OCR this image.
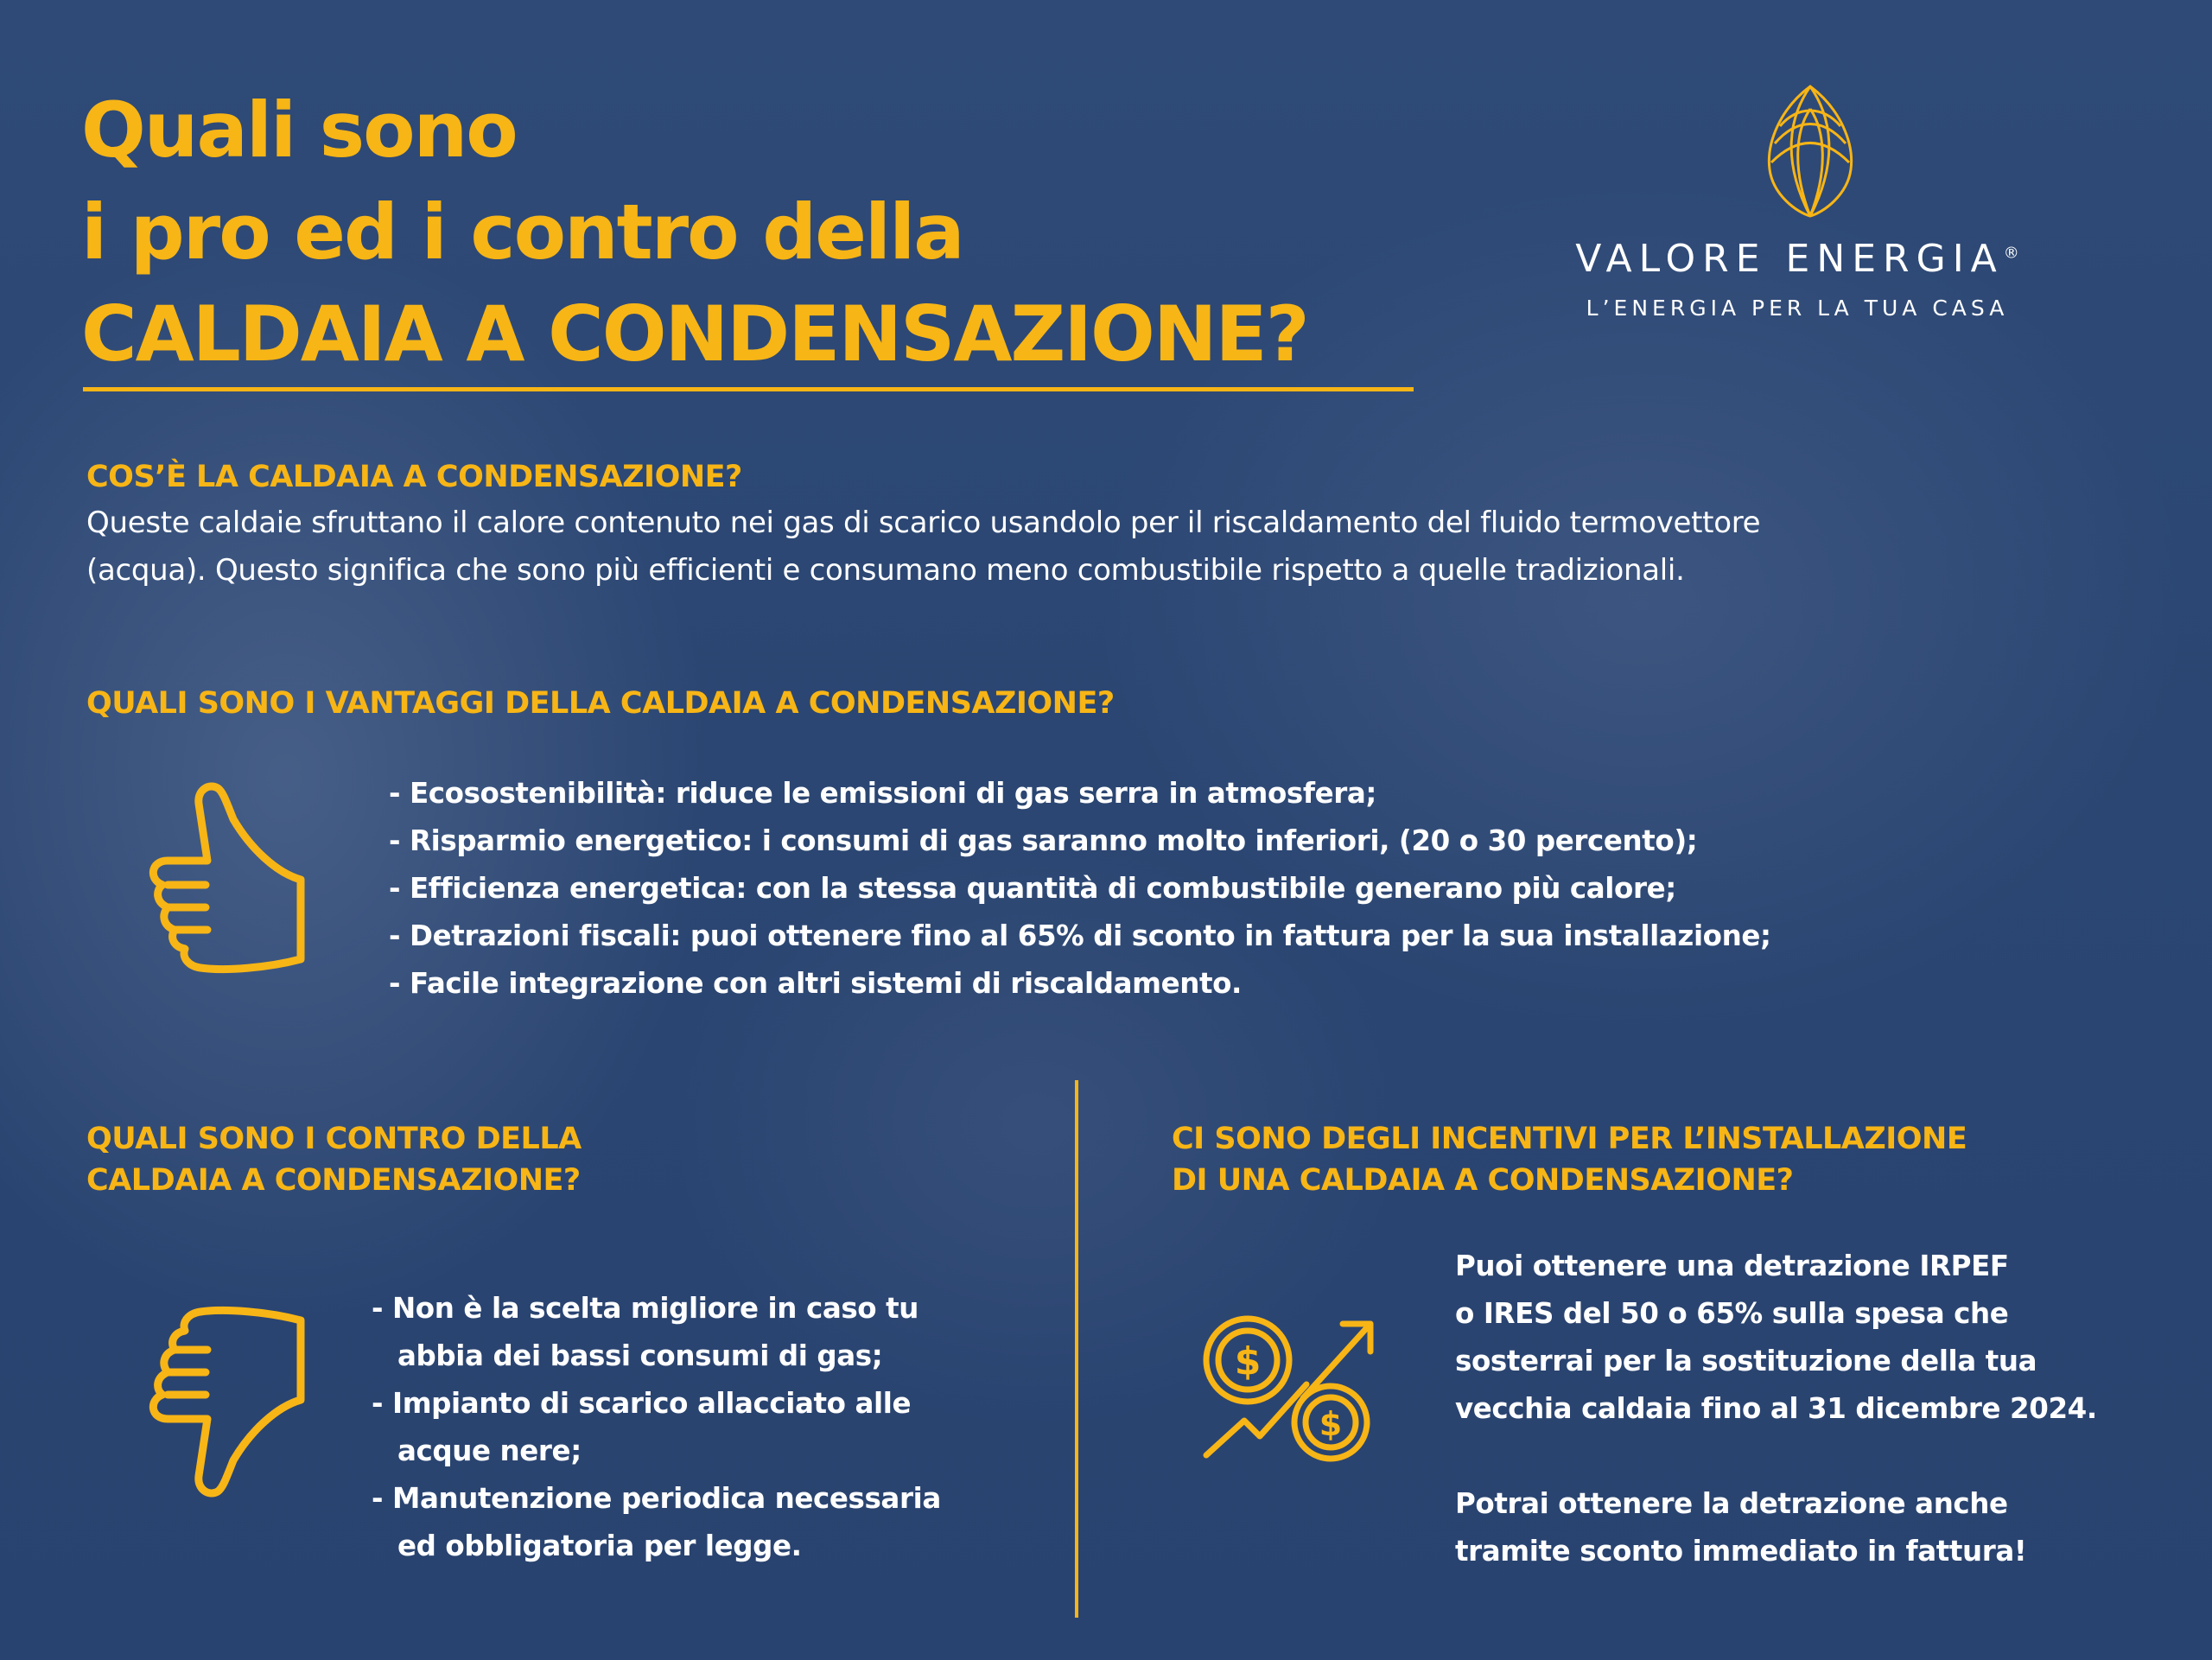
Quali sono
i pro ed i contro della
CALDAIA A CONDENSAZIONE?
VALORE ENERGIA®
L’ENERGIA PER LA TUA CASA
COS’È LA CALDAIA A CONDENSAZIONE?

Queste caldaie sfruttano il calore contenuto nei gas di scarico usandolo per il riscaldamento del fluido termovettore
(acqua). Questo significa che sono più efficienti e consumano meno combustibile rispetto a quelle tradizionali.

QUALI SONO I VANTAGGI DELLA CALDAIA A CONDENSAZIONE?
- Ecosostenibilità: riduce le emissioni di gas serra in atmosfera;
- Risparmio energetico: i consumi di gas saranno molto inferiori, (20 o 30 percento);
- Efficienza energetica: con la stessa quantità di combustibile generano più calore;
- Detrazioni fiscali: puoi ottenere fino al 65% di sconto in fattura per la sua installazione;
- Facile integrazione con altri sistemi di riscaldamento.
QUALI SONO I CONTRO DELLA
CALDAIA A CONDENSAZIONE?
- Non è la scelta migliore in caso tu
abbia dei bassi consumi di gas;
- Impianto di scarico allacciato alle
acque nere;
- Manutenzione periodica necessaria
ed obbligatoria per legge.
CI SONO DEGLI INCENTIVI PER L’INSTALLAZIONE
DI UNA CALDAIA A CONDENSAZIONE?
$
$
Puoi ottenere una detrazione IRPEF
o IRES del 50 o 65% sulla spesa che
sosterrai per la sostituzione della tua
vecchia caldaia fino al 31 dicembre 2024.
Potrai ottenere la detrazione anche
tramite sconto immediato in fattura!
